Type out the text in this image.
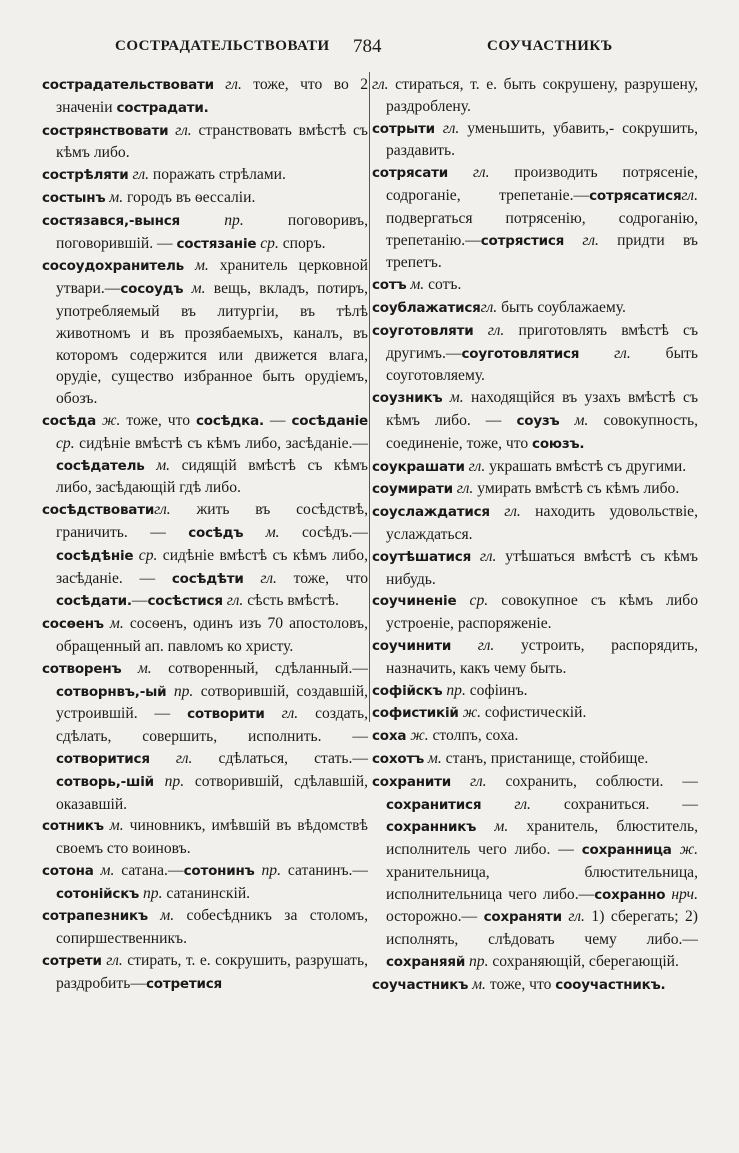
СОСТРАДАТЕЛЬСТВОВАТИ 784	СОУЧАСТНИКЪ

сострадательствовати гл. тоже, что во 2 значеніи сострадати.

сострянствовати гл. странствовать вмѣстѣ съ кѣмъ либо.

сострѣляти гл. поражать стрѣлами.

состынъ м. городъ въ ѳессаліи.

состязався,-вынся пр. поговоривъ, поговорившій. — состязаніе ср. споръ.

сосоудохранитель м. хранитель церковной утвари.—сосоудъ м. вещь, вкладъ, потиръ, употребляемый въ литургіи, въ тѣлѣ животномъ и въ прозябаемыхъ, каналъ, въ которомъ содержится или движется влага, орудіе, существо избранное быть орудіемъ, обозъ.

сосѣда ж. тоже, что сосѣдка. — сосѣданіе ср. сидѣніе вмѣстѣ съ кѣмъ либо, засѣданіе.—сосѣдатель м. сидящій вмѣстѣ съ кѣмъ либо, засѣдающій гдѣ либо.

сосѣдствоватигл. жить въ сосѣдствѣ, граничить. — сосѣдъ м. сосѣдъ.— сосѣдѣніе ср. сидѣніе вмѣстѣ съ кѣмъ либо, засѣданіе. — сосѣдѣти гл. тоже, что сосѣдати.—сосѣстися гл. сѣсть вмѣстѣ.

сосѳенъ м. сосѳенъ, одинъ изъ 70 апостоловъ, обращенный ап. павломъ ко христу.

сотворенъ м. сотворенный, сдѣланный.—сотворнвъ,-ый пр. сотворившій, создавшій, устроившій. — сотворити гл. создать, сдѣлать, совершить, исполнить. — сотворитися гл. сдѣлаться, стать.—сотворь,-шій пр. сотворившій, сдѣлавшій, оказавшій.

сотникъ м. чиновникъ, имѣвшій въ вѣдомствѣ своемъ сто воиновъ.

сотона м. сатана.—сотонинъ пр. сатанинъ.—сотонійскъ пр. сатанинскій.

сотрапезникъ м. собесѣдникъ за столомъ, сопиршественникъ.

сотрети гл. стирать, т. е. сокрушить, разрушать, раздробить—сотретися

гл. стираться, т. е. быть сокрушену, разрушену, раздроблену.

сотрыти гл. уменьшить, убавить,- сокрушить, раздавить.

сотрясати гл. производить потрясеніе, содроганіе, трепетаніе.—сотрясатисягл. подвергаться потрясенію, содроганію, трепетанію.—сотрястися гл. придти въ трепетъ.

сотъ м. сотъ.

соублажатисягл. быть соублажаему.

соуготовляти гл. приготовлять вмѣстѣ съ другимъ.—соуготовлятися гл. быть соуготовляему.

соузникъ м. находящійся въ узахъ вмѣстѣ съ кѣмъ либо. — соузъ м. совокупность, соединеніе, тоже, что союзъ.

соукрашати гл. украшать вмѣстѣ съ другими.

соумирати гл. умирать вмѣстѣ съ кѣмъ либо.

соуслаждатися гл. находить удовольствіе, услаждаться.

соутѣшатися гл. утѣшаться вмѣстѣ съ кѣмъ нибудь.

соучиненіе ср. совокупное съ кѣмъ либо устроеніе, распоряженіе.

соучинити гл. устроить, распорядить, назначить, какъ чему быть.

софійскъ пр. софіинъ.

софистикій ж. софистическій.

соха ж. столпъ, соха.

сохотъ м. станъ, пристанище, стойбище.

сохранити гл. сохранить, соблюсти. — сохранитися гл. сохраниться. — сохранникъ м. хранитель, блюститель, исполнитель чего либо. — сохранница ж. хранительница, блюстительница, исполнительница чего либо.—сохранно нрч. осторожно.— сохраняти гл. 1) сберегать; 2) исполнять, слѣдовать чему либо.— сохраняяй пр. сохраняющій, сберегающій.

соучастникъ м. тоже, что сооучастникъ.
